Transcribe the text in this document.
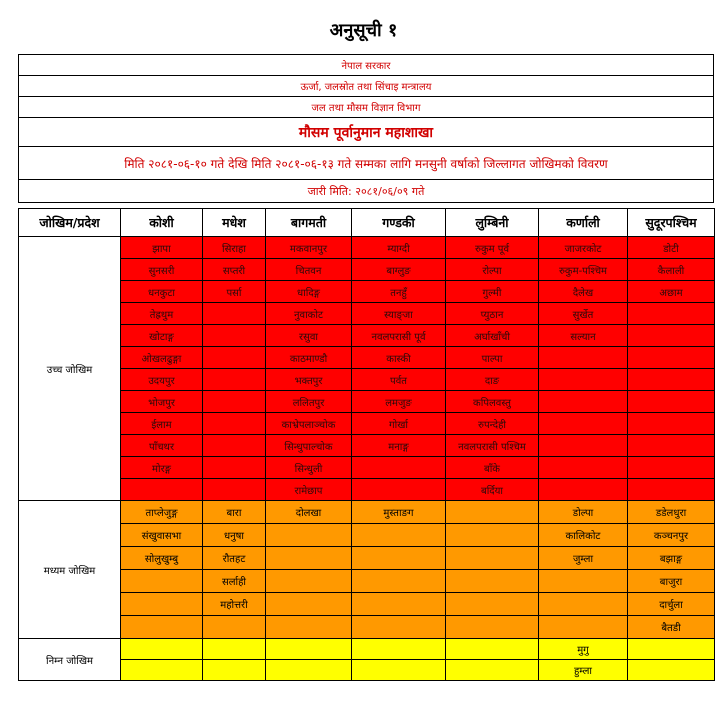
अनुसूची १
नेपाल सरकार
ऊर्जा, जलस्रोत तथा सिंचाइ मन्त्रालय
जल तथा मौसम विज्ञान विभाग
मौसम पूर्वानुमान महाशाखा
मिति २०८१-०६-१० गते देखि मिति २०८१-०६-१३ गते सम्मका लागि मनसुनी वर्षाको जिल्लागत जोखिमको विवरण
जारी मिति: २०८१/०६/०९ गते
जोखिम/प्रदेश	कोशी	मधेश	बागमती	गण्डकी	लुम्बिनी	कर्णाली	सुदूरपश्चिम
उच्च जोखिम	झापा	सिराहा	मकवानपुर	म्याग्दी	रुकुम पूर्व	जाजरकोट	डोटी
	सुनसरी	सप्तरी	चितवन	बाग्लुङ	रोल्पा	रुकुम-पश्चिम	कैलाली
	धनकुटा	पर्सा	धादिङ्ग	तनहुँ	गुल्मी	दैलेख	अछाम
	तेह्रथुम		नुवाकोट	स्याङ्जा	प्युठान	सुर्खेत	
	खोटाङ्ग		रसुवा	नवलपरासी पूर्व	अर्घाखाँची	सल्यान	
	ओखलढुङ्गा		काठमाण्डौ	कास्की	पाल्पा		
	उदयपुर		भक्तपुर	पर्वत	दाङ		
	भोजपुर		ललितपुर	लमजुङ	कपिलवस्तु		
	ईलाम		काभ्रेपलाञ्चोक	गोर्खा	रुपन्देही		
	पाँचथर		सिन्धुपाल्चोक	मनाङ्ग	नवलपरासी पश्चिम		
	मोरङ्ग		सिन्धुली		बाँके		
			रामेछाप		बर्दिया		
मध्यम जोखिम	ताप्लेजुङ्ग	बारा	दोलखा	मुस्ताङग		डोल्पा	डडेलधुरा
	संखुवासभा	धनुषा				कालिकोट	कञ्चनपुर
	सोलुखुम्बु	रौतहट				जुम्ला	बझाङ्ग
		सर्लाही					बाजुरा
		महोत्तरी					दार्चुला
							बैतडी
निम्न जोखिम						मुगु	
						हुम्ला	
